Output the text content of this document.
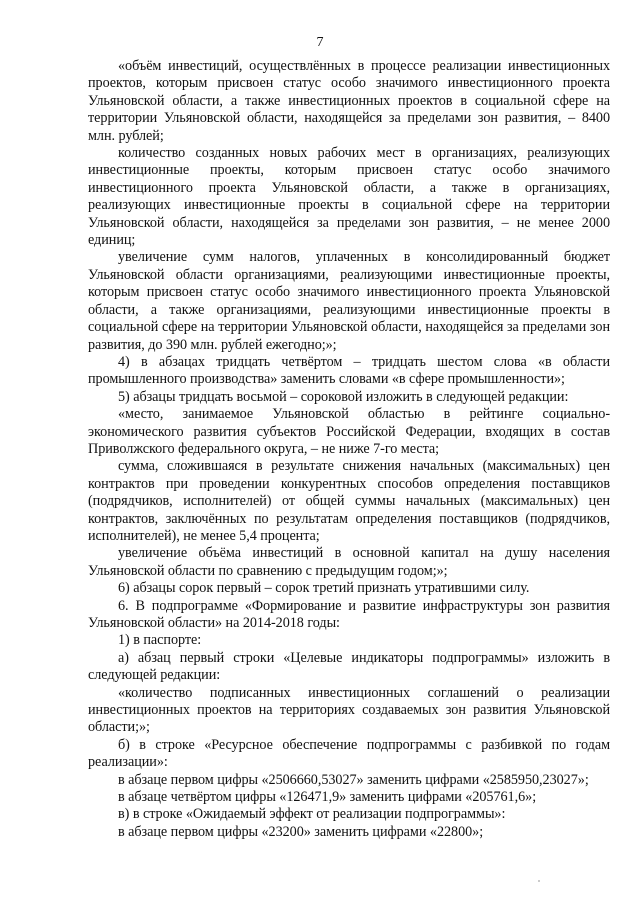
7

«объём инвестиций, осуществлённых в процессе реализации инвестиционных проектов, которым присвоен статус особо значимого инвестиционного проекта Ульяновской области, а также инвестиционных проектов в социальной сфере на территории Ульяновской области, находящейся за пределами зон развития, – 8400 млн. рублей;

количество созданных новых рабочих мест в организациях, реализующих инвестиционные проекты, которым присвоен статус особо значимого инвестиционного проекта Ульяновской области, а также в организациях, реализующих инвестиционные проекты в социальной сфере на территории Ульяновской области, находящейся за пределами зон развития, – не менее 2000 единиц;

увеличение сумм налогов, уплаченных в консолидированный бюджет Ульяновской области организациями, реализующими инвестиционные проекты, которым присвоен статус особо значимого инвестиционного проекта Ульяновской области, а также организациями, реализующими инвестиционные проекты в социальной сфере на территории Ульяновской области, находящейся за пределами зон развития, до 390 млн. рублей ежегодно;»;

4) в абзацах тридцать четвёртом – тридцать шестом слова «в области промышленного производства» заменить словами «в сфере промышленности»;

5) абзацы тридцать восьмой – сороковой изложить в следующей редакции:

«место, занимаемое Ульяновской областью в рейтинге социально-экономического развития субъектов Российской Федерации, входящих в состав Приволжского федерального округа, – не ниже 7-го места;

сумма, сложившаяся в результате снижения начальных (максимальных) цен контрактов при проведении конкурентных способов определения поставщиков (подрядчиков, исполнителей) от общей суммы начальных (максимальных) цен контрактов, заключённых по результатам определения поставщиков (подрядчиков, исполнителей), не менее 5,4 процента;

увеличение объёма инвестиций в основной капитал на душу населения Ульяновской области по сравнению с предыдущим годом;»;

6) абзацы сорок первый – сорок третий признать утратившими силу.

6. В подпрограмме «Формирование и развитие инфраструктуры зон развития Ульяновской области» на 2014-2018 годы:

1) в паспорте:

а) абзац первый строки «Целевые индикаторы подпрограммы» изложить в следующей редакции:

«количество подписанных инвестиционных соглашений о реализации инвестиционных проектов на территориях создаваемых зон развития Ульяновской области;»;

б) в строке «Ресурсное обеспечение подпрограммы с разбивкой по годам реализации»:

в абзаце первом цифры «2506660,53027» заменить цифрами «2585950,23027»;

в абзаце четвёртом цифры «126471,9» заменить цифрами «205761,6»;

в) в строке «Ожидаемый эффект от реализации подпрограммы»:

в абзаце первом цифры «23200» заменить цифрами «22800»;
